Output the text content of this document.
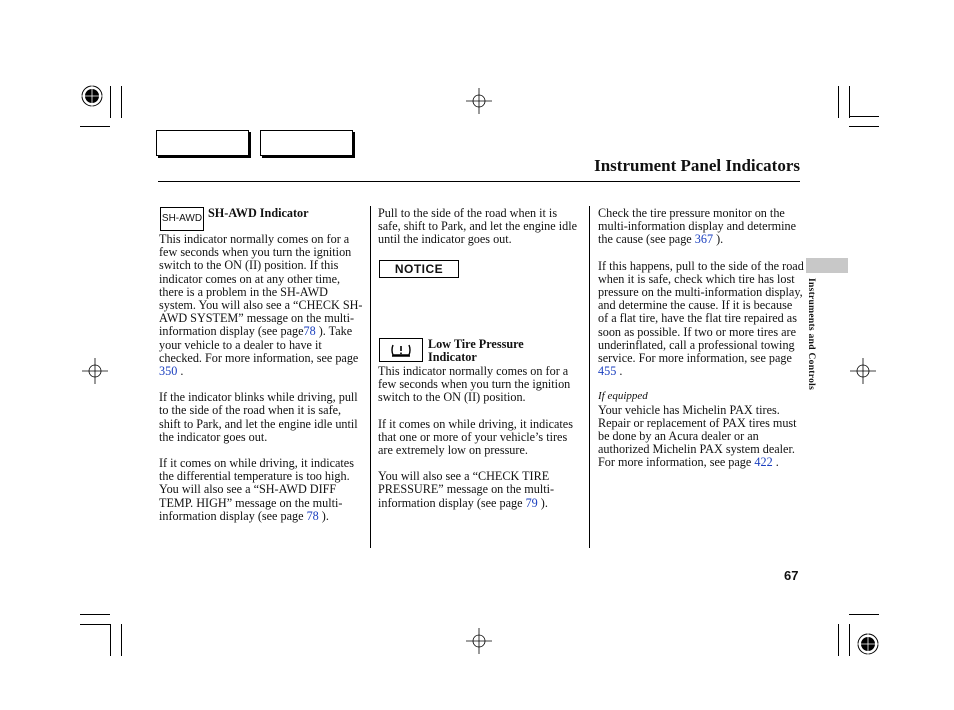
Instrument Panel Indicators
SH-AWD SH-AWD Indicator

This indicator normally comes on for a few seconds when you turn the ignition switch to the ON (II) position. If this indicator comes on at any other time, there is a problem in the SH-AWD system. You will also see a “CHECK SH-AWD SYSTEM” message on the multi-information display (see page78 ). Take your vehicle to a dealer to have it checked. For more information, see page 350 .

If the indicator blinks while driving, pull to the side of the road when it is safe, shift to Park, and let the engine idle until the indicator goes out.

If it comes on while driving, it indicates the differential temperature is too high.

You will also see a “SH-AWD DIFF TEMP. HIGH” message on the multi-information display (see page 78 ).

Pull to the side of the road when it is safe, shift to Park, and let the engine idle until the indicator goes out.

NOTICE
Low Tire Pressure Indicator

This indicator normally comes on for a few seconds when you turn the ignition switch to the ON (II) position.

If it comes on while driving, it indicates that one or more of your vehicle’s tires are extremely low on pressure.

You will also see a “CHECK TIRE PRESSURE” message on the multi-information display (see page 79 ).

Check the tire pressure monitor on the multi-information display and determine the cause (see page 367 ).

If this happens, pull to the side of the road when it is safe, check which tire has lost pressure on the multi-information display, and determine the cause. If it is because of a flat tire, have the flat tire repaired as soon as possible. If two or more tires are underinflated, call a professional towing service. For more information, see page 455 .

If equipped

Your vehicle has Michelin PAX tires. Repair or replacement of PAX tires must be done by an Acura dealer or an authorized Michelin PAX system dealer. For more information, see page 422 .

Instruments and Controls
67
